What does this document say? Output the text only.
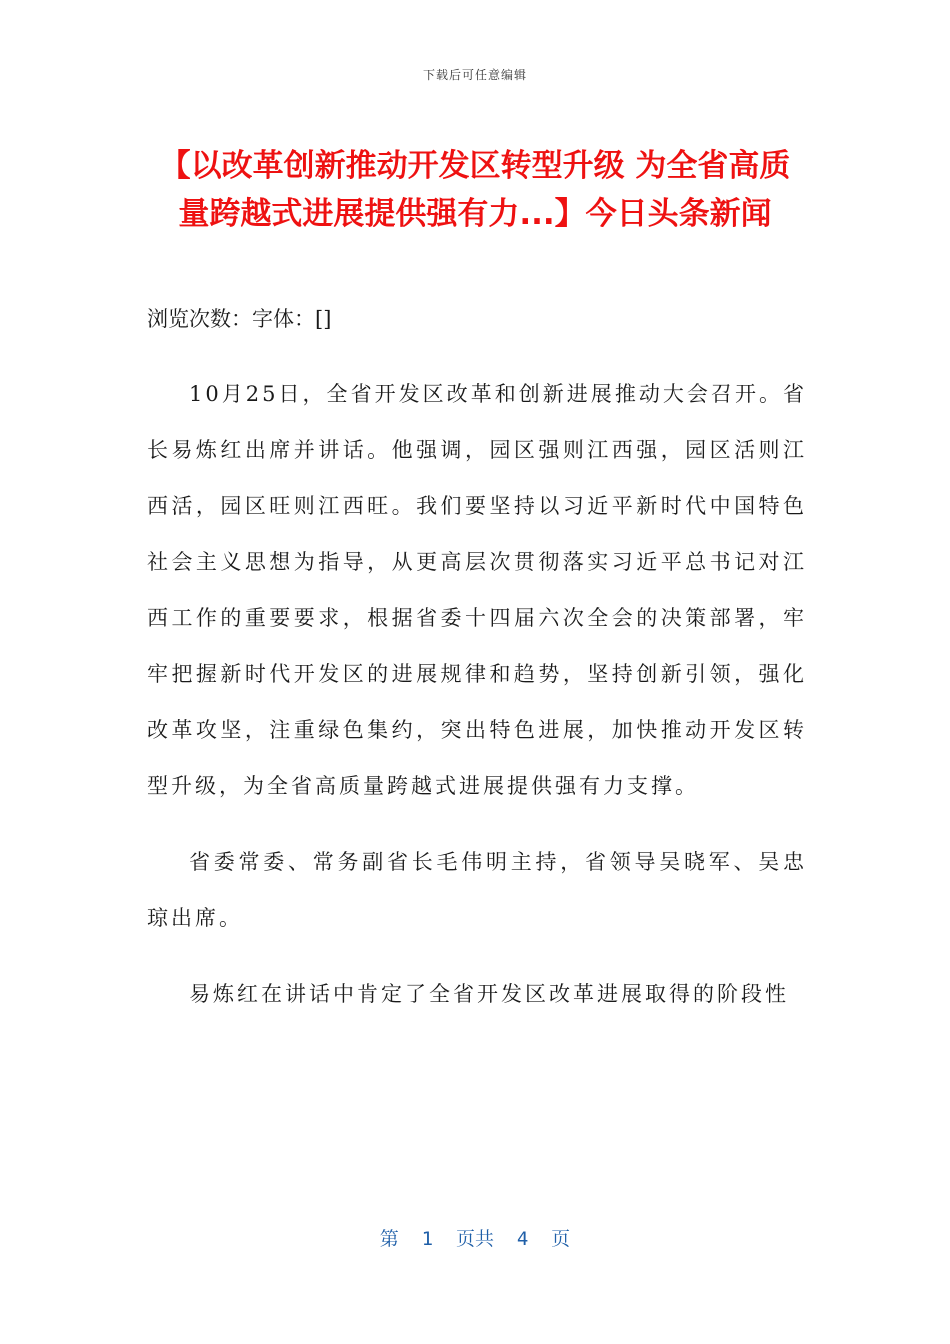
下载后可任意编辑
【以改革创新推动开发区转型升级 为全省高质量跨越式进展提供强有力...】今日头条新闻
浏览次数：字体：[]

10月25日，全省开发区改革和创新进展推动大会召开。省长易炼红出席并讲话。他强调，园区强则江西强，园区活则江西活，园区旺则江西旺。我们要坚持以习近平新时代中国特色社会主义思想为指导，从更高层次贯彻落实习近平总书记对江西工作的重要要求，根据省委十四届六次全会的决策部署，牢牢把握新时代开发区的进展规律和趋势，坚持创新引领，强化改革攻坚，注重绿色集约，突出特色进展，加快推动开发区转型升级，为全省高质量跨越式进展提供强有力支撑。

省委常委、常务副省长毛伟明主持，省领导吴晓军、吴忠琼出席。

易炼红在讲话中肯定了全省开发区改革进展取得的阶段性

第  1  页共  4  页
